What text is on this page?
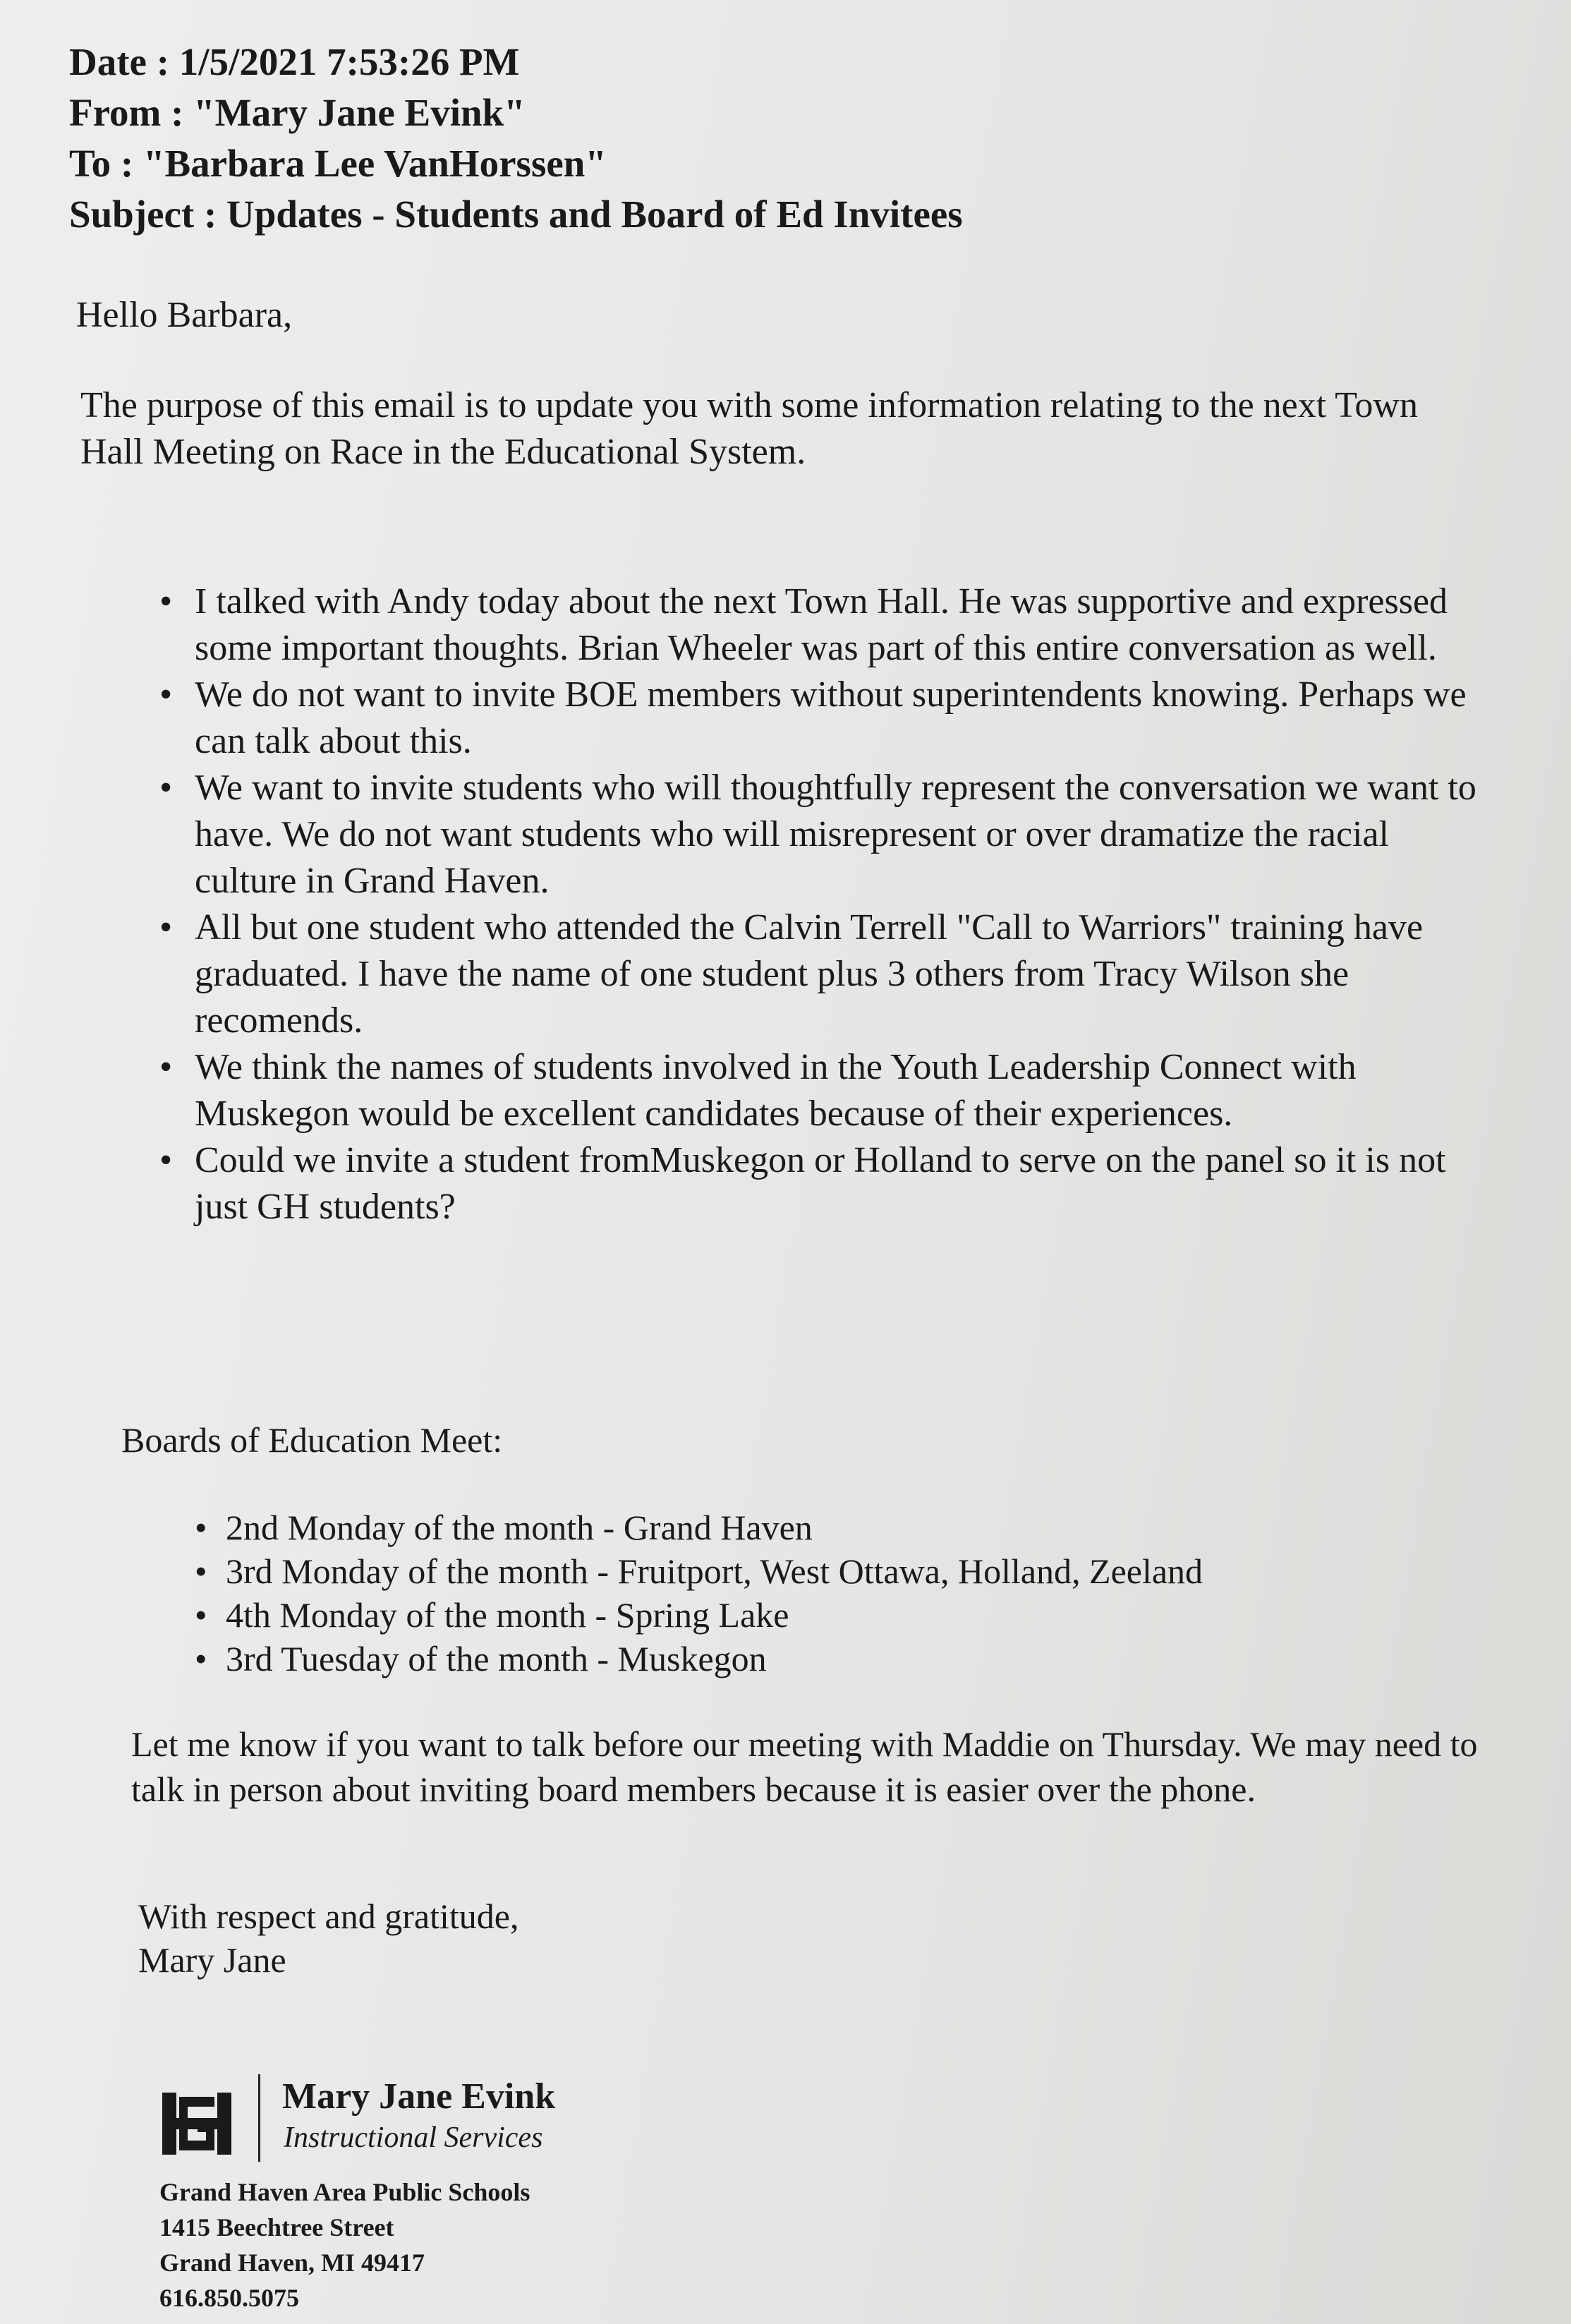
Date : 1/5/2021 7:53:26 PM
From : "Mary Jane Evink"
To : "Barbara Lee VanHorssen"
Subject : Updates - Students and Board of Ed Invitees
Hello Barbara,
The purpose of this email is to update you with some information relating to the next Town Hall Meeting on Race in the Educational System.
• I talked with Andy today about the next Town Hall. He was supportive and expressed some important thoughts. Brian Wheeler was part of this entire conversation as well.
• We do not want to invite BOE members without superintendents knowing. Perhaps we can talk about this.
• We want to invite students who will thoughtfully represent the conversation we want to have. We do not want students who will misrepresent or over dramatize the racial culture in Grand Haven.
• All but one student who attended the Calvin Terrell "Call to Warriors" training have graduated. I have the name of one student plus 3 others from Tracy Wilson she recomends.
• We think the names of students involved in the Youth Leadership Connect with Muskegon would be excellent candidates because of their experiences.
• Could we invite a student fromMuskegon or Holland to serve on the panel so it is not just GH students?
Boards of Education Meet:
• 2nd Monday of the month - Grand Haven
• 3rd Monday of the month - Fruitport, West Ottawa, Holland, Zeeland
• 4th Monday of the month - Spring Lake
• 3rd Tuesday of the month - Muskegon
Let me know if you want to talk before our meeting with Maddie on Thursday. We may need to talk in person about inviting board members because it is easier over the phone.
With respect and gratitude,
Mary Jane
Mary Jane Evink
Instructional Services
Grand Haven Area Public Schools
1415 Beechtree Street
Grand Haven, MI 49417
616.850.5075
